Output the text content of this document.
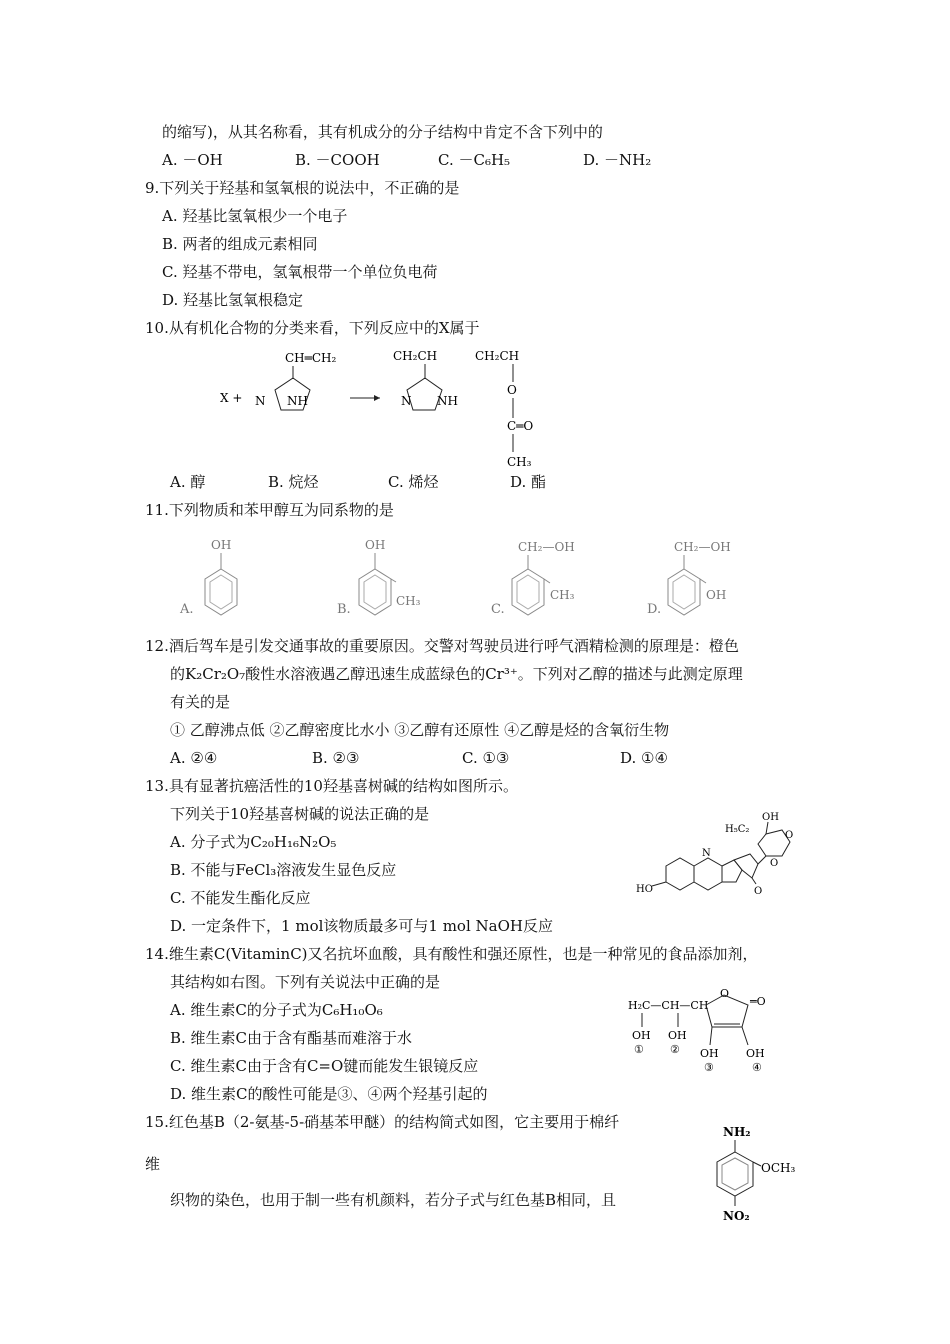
的缩写)，从其名称看，其有机成分的分子结构中肯定不含下列中的
A. －OH	B. －COOH	C. －C₆H₅	D. －NH₂
9.下列关于羟基和氢氧根的说法中，不正确的是
A. 羟基比氢氧根少一个电子
B. 两者的组成元素相同
C. 羟基不带电，氢氧根带一个单位负电荷
D. 羟基比氢氧根稳定
10.从有机化合物的分类来看，下列反应中的X属于
X +
CH═CH₂
N NH
CH₂CH	CH₂CH
N NH
O
C═O
CH₃
A. 醇	B. 烷烃	C. 烯烃	D. 酯
11.下列物质和苯甲醇互为同系物的是
A.
OH
B.
OH
CH₃
C.
CH₂—OH
CH₃
D.
CH₂—OH
OH
12.酒后驾车是引发交通事故的重要原因。交警对驾驶员进行呼气酒精检测的原理是：橙色
的K₂Cr₂O₇酸性水溶液遇乙醇迅速生成蓝绿色的Cr³⁺。下列对乙醇的描述与此测定原理
有关的是
① 乙醇沸点低 ②乙醇密度比水小 ③乙醇有还原性 ④乙醇是烃的含氧衍生物
A. ②④	B. ②③	C. ①③	D. ①④
13.具有显著抗癌活性的10羟基喜树碱的结构如图所示。
下列关于10羟基喜树碱的说法正确的是
A. 分子式为C₂₀H₁₆N₂O₅
B. 不能与FeCl₃溶液发生显色反应
C. 不能发生酯化反应
D. 一定条件下，1 mol该物质最多可与1 mol NaOH反应
OH
H₅C₂
O
O
N
O
HO
14.维生素C(VitaminC)又名抗坏血酸，具有酸性和强还原性，也是一种常见的食品添加剂，
其结构如右图。下列有关说法中正确的是
A. 维生素C的分子式为C₆H₁₀O₆
B. 维生素C由于含有酯基而难溶于水
C. 维生素C由于含有C=O键而能发生银镜反应
D. 维生素C的酸性可能是③、④两个羟基引起的
H₂C—CH—CH
OH OH
① ②
O
═O
OH OH
③	④
15.红色基B（2-氨基-5-硝基苯甲醚）的结构简式如图，它主要用于棉纤
维
织物的染色，也用于制一些有机颜料，若分子式与红色基B相同，且
NH₂
OCH₃
NO₂
